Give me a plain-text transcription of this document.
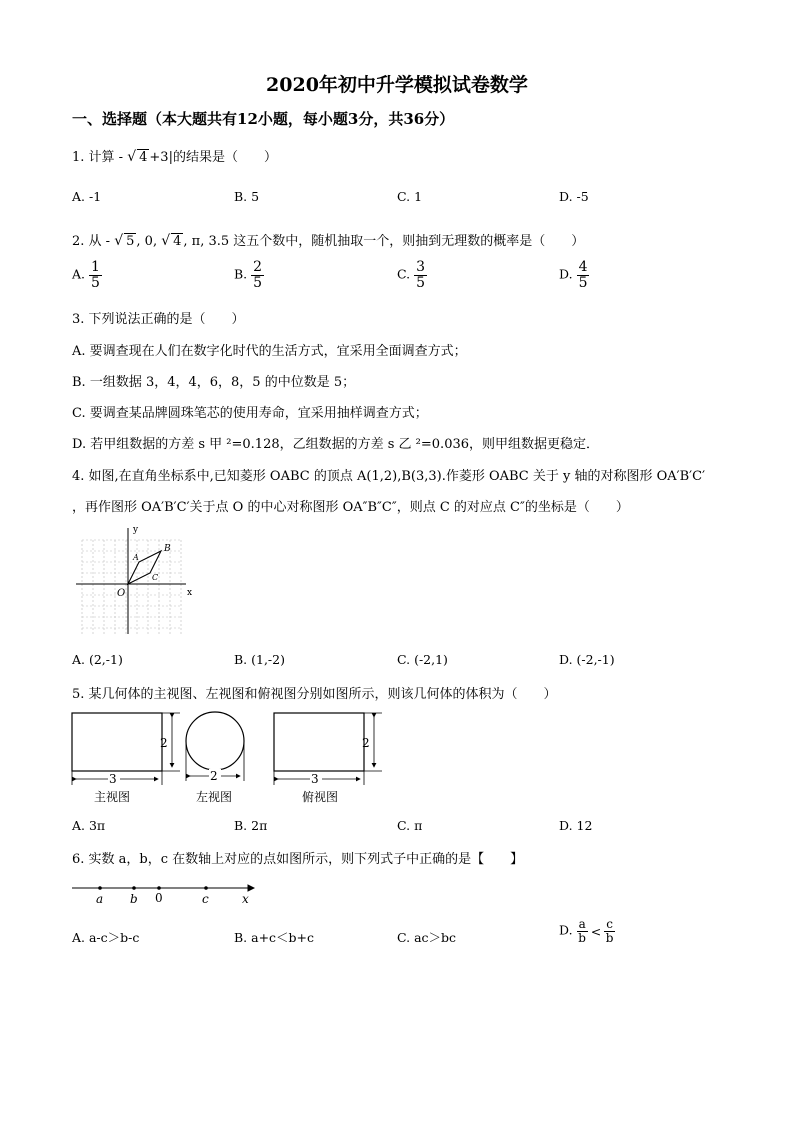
2020年初中升学模拟试卷数学
一、选择题（本大题共有12小题，每小题3分，共36分）
1. 计算 - √ 4 +3|的结果是（　　）
A. -1	B. 5	C. 1	D. -5
2. 从 - √ 5 , 0, √ 4 , π, 3.5 这五个数中，随机抽取一个，则抽到无理数的概率是（　　）
A. $\frac{1}{5}$	B. $\frac{2}{5}$	C. $\frac{3}{5}$	D. $\frac{4}{5}$
3. 下列说法正确的是（　　）
A. 要调查现在人们在数字化时代的生活方式，宜采用全面调查方式；
B. 一组数据 3，4，4，6，8，5 的中位数是 5；
C. 要调查某品牌圆珠笔芯的使用寿命，宜采用抽样调查方式；
D. 若甲组数据的方差 s 甲 ²=0.128，乙组数据的方差 s 乙 ²=0.036，则甲组数据更稳定．
4. 如图,在直角坐标系中,已知菱形 OABC 的顶点 A(1,2),B(3,3).作菱形 OABC 关于 y 轴的对称图形 OA′B′C′
，再作图形 OA′B′C′关于点 O 的中心对称图形 OA″B″C″，则点 C 的对应点 C″的坐标是（　　）
y
x
O
A
B
C
A. (2,-1)	B. (1,-2)	C. (-2,1)	D. (-2,-1)
5. 某几何体的主视图、左视图和俯视图分别如图所示，则该几何体的体积为（　　）
3
2
2	3
2
主视图	左视图	俯视图
A. 3π	B. 2π	C. π	D. 12
6. 实数 a，b，c 在数轴上对应的点如图所示，则下列式子中正确的是【　　】
a b 0	c	x
A. a-c＞b-c	B. a+c＜b+c	C. ac＞bc	D. $\frac{a}{b} < \frac{c}{b}$
